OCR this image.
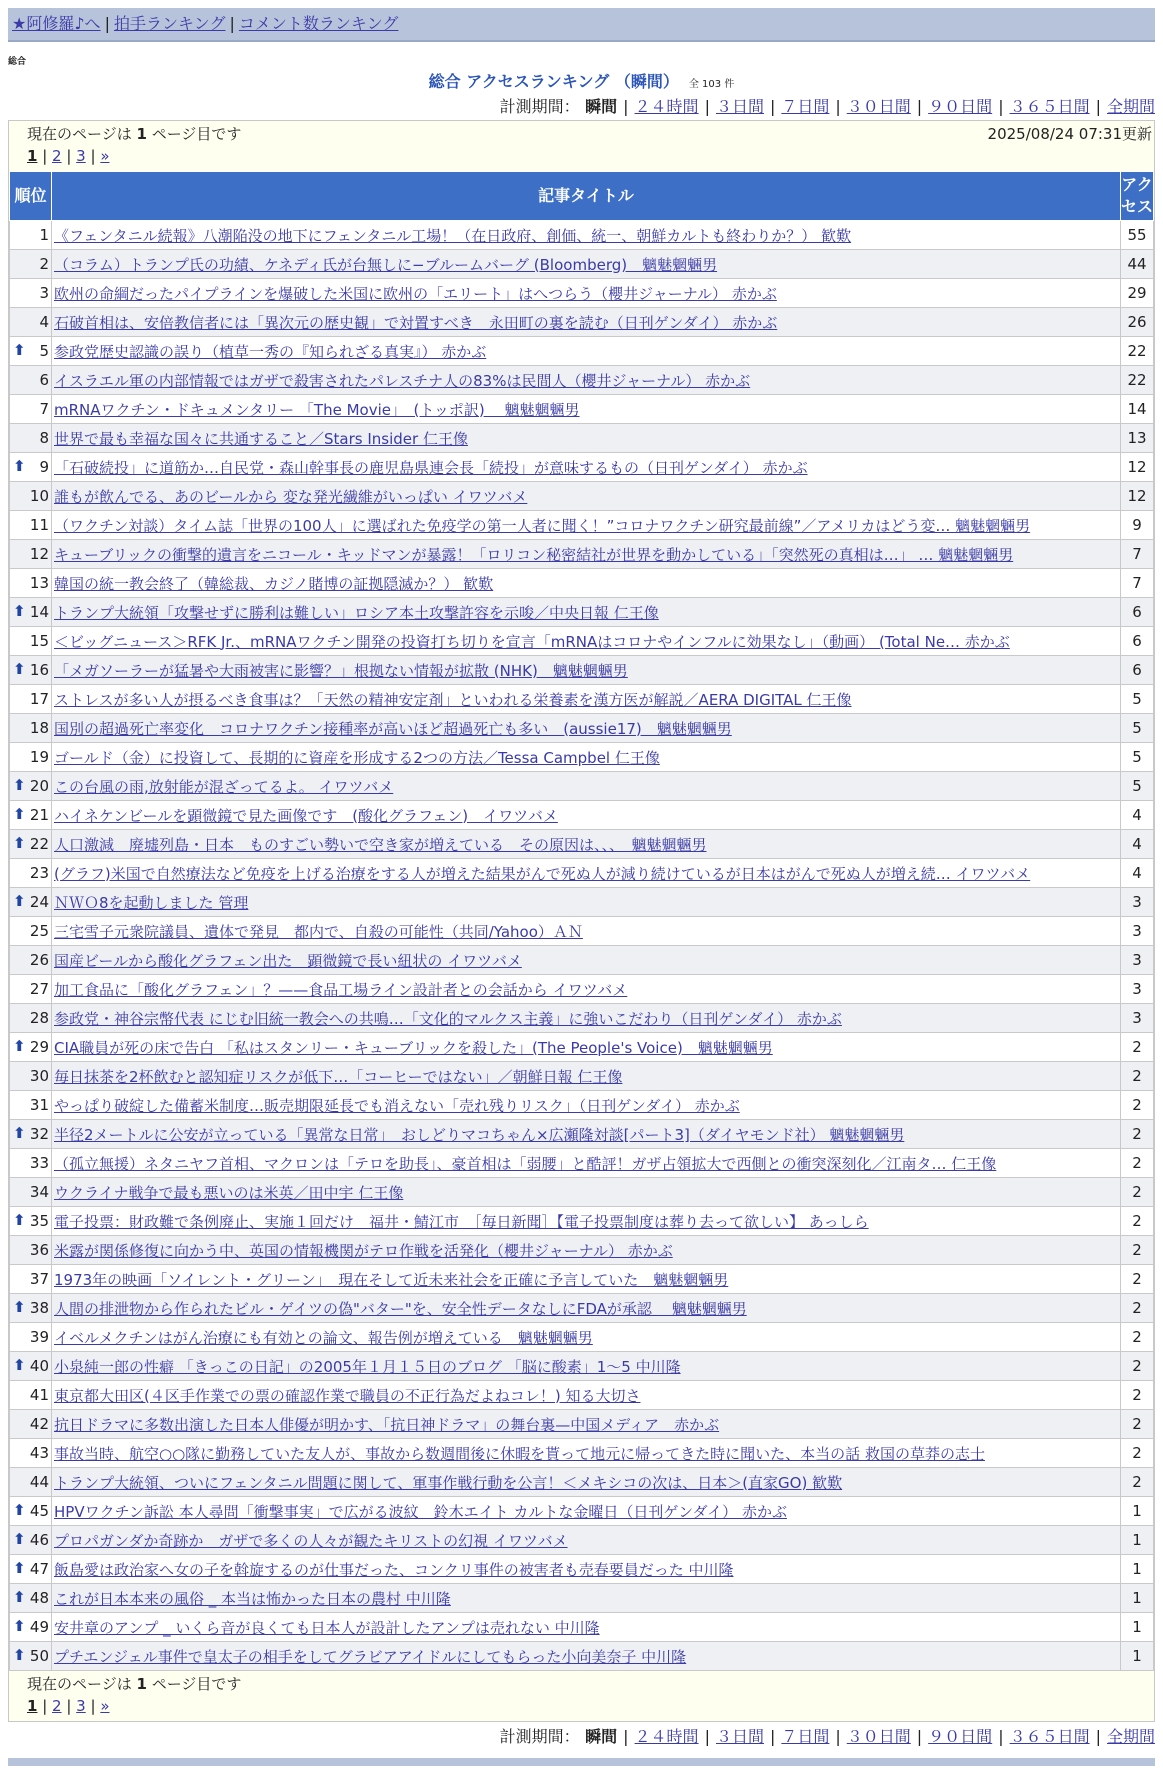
★阿修羅♪へ | 拍手ランキング | コメント数ランキング
総合
総合 アクセスランキング （瞬間） 全 103 件
計測期間： 瞬間 | ２４時間 | ３日間 | ７日間 | ３０日間 | ９０日間 | ３６５日間 | 全期間
現在のページは 1 ページ目です	2025/08/24 07:31更新
1 | 2 | 3 | »
順位	記事タイトル	アクセス
1	《フェンタニル続報》八潮陥没の地下にフェンタニル工場！（在日政府、創価、統一、朝鮮カルトも終わりか？） 歓歎	55
2	（コラム）トランプ氏の功績、ケネディ氏が台無しに−ブルームバーグ (Bloomberg)　魑魅魍魎男	44
3	欧州の命綱だったパイプラインを爆破した米国に欧州の「エリート」はへつらう（櫻井ジャーナル） 赤かぶ	29
4	石破首相は、安倍教信者には「異次元の歴史観」で対置すべき　永田町の裏を読む（日刊ゲンダイ） 赤かぶ	26

⬆ 5	参政党歴史認識の誤り（植草一秀の『知られざる真実』） 赤かぶ	22
6	イスラエル軍の内部情報ではガザで殺害されたパレスチナ人の83%は民間人（櫻井ジャーナル） 赤かぶ	22
7	mRNAワクチン・ドキュメンタリー 「The Movie」　(トッポ訳)　 魑魅魍魎男	14
8	世界で最も幸福な国々に共通すること／Stars Insider 仁王像	13

⬆ 9	「石破続投」に道筋か…自民党・森山幹事長の鹿児島県連会長「続投」が意味するもの（日刊ゲンダイ） 赤かぶ	12
10	誰もが飲んでる、あのビールから 変な発光繊維がいっぱい イワツバメ	12
11	（ワクチン対談）タイム誌「世界の100人」に選ばれた免疫学の第一人者に聞く！”コロナワクチン研究最前線”／アメリカはどう変… 魑魅魍魎男	9
12	キューブリックの衝撃的遺言をニコール・キッドマンが暴露！「ロリコン秘密結社が世界を動かしている」「突然死の真相は…」 … 魑魅魍魎男	7
13	韓国の統一教会終了（韓総裁、カジノ賭博の証拠隠滅か？） 歓歎	7

⬆ 14	トランプ大統領「攻撃せずに勝利は難しい」ロシア本土攻撃許容を示唆／中央日報 仁王像	6
15	＜ビッグニュース＞RFK Jr.、mRNAワクチン開発の投資打ち切りを宣言「mRNAはコロナやインフルに効果なし」（動画） (Total Ne… 赤かぶ	6

⬆ 16	「メガソーラーが猛暑や大雨被害に影響？」根拠ない情報が拡散 (NHK)　魑魅魍魎男	6
17	ストレスが多い人が摂るべき食事は？「天然の精神安定剤」といわれる栄養素を漢方医が解説／AERA DIGITAL 仁王像	5
18	国別の超過死亡率変化　コロナワクチン接種率が高いほど超過死亡も多い　(aussie17)　魑魅魍魎男	5
19	ゴールド（金）に投資して、長期的に資産を形成する2つの方法／Tessa Campbel 仁王像	5

⬆ 20	この台風の雨,放射能が混ざってるよ。 イワツバメ	5

⬆ 21	ハイネケンビールを顕微鏡で見た画像です　(酸化グラフェン)　イワツバメ	4

⬆ 22	人口激減　廃墟列島・日本　ものすごい勢いで空き家が増えている　その原因は、、、　魑魅魍魎男	4
23	(グラフ)米国で自然療法など免疫を上げる治療をする人が増えた結果がんで死ぬ人が減り続けているが日本はがんで死ぬ人が増え続… イワツバメ	4

⬆ 24	ＮＷＯ8を起動しました 管理	3
25	三宅雪子元衆院議員、遺体で発見　都内で、自殺の可能性（共同/Yahoo）ＡＮ	3
26	国産ビールから酸化グラフェン出た　顕微鏡で長い紐状の イワツバメ	3
27	加工食品に「酸化グラフェン」？——食品工場ライン設計者との会話から イワツバメ	3
28	参政党・神谷宗幣代表 にじむ旧統一教会への共鳴…「文化的マルクス主義」に強いこだわり（日刊ゲンダイ） 赤かぶ	3

⬆ 29	CIA職員が死の床で告白 「私はスタンリー・キューブリックを殺した」(The People's Voice)　魑魅魍魎男	2
30	毎日抹茶を2杯飲むと認知症リスクが低下…「コーヒーではない」／朝鮮日報 仁王像	2
31	やっぱり破綻した備蓄米制度…販売期限延長でも消えない「売れ残りリスク」（日刊ゲンダイ） 赤かぶ	2

⬆ 32	半径2メートルに公安が立っている「異常な日常」　おしどりマコちゃん×広瀬隆対談[パート3]（ダイヤモンド社） 魑魅魍魎男	2
33	（孤立無援）ネタニヤフ首相、マクロンは「テロを助長」、豪首相は「弱腰」と酷評！ガザ占領拡大で西側との衝突深刻化／江南タ… 仁王像	2
34	ウクライナ戦争で最も悪いのは米英／田中宇 仁王像	2

⬆ 35	電子投票：財政難で条例廃止、実施１回だけ　福井・鯖江市　［毎日新聞］【電子投票制度は葬り去って欲しい】 あっしら	2
36	米露が関係修復に向かう中、英国の情報機関がテロ作戦を活発化（櫻井ジャーナル） 赤かぶ	2
37	1973年の映画「ソイレント・グリーン」　現在そして近未来社会を正確に予言していた　魑魅魍魎男	2

⬆ 38	人間の排泄物から作られたビル・ゲイツの偽"バター"を、安全性データなしにFDAが承認　 魑魅魍魎男	2
39	イベルメクチンはがん治療にも有効との論文、報告例が増えている　魑魅魍魎男	2

⬆ 40	小泉純一郎の性癖 「きっこの日記」の2005年１月１５日のブログ 「脳に酸素」1～5 中川隆	2
41	東京都大田区(４区手作業での票の確認作業で職員の不正行為だよねコレ！) 知る大切さ	2
42	抗日ドラマに多数出演した日本人俳優が明かす、「抗日神ドラマ」の舞台裏—中国メディア　赤かぶ	2
43	事故当時、航空○○隊に勤務していた友人が、事故から数週間後に休暇を貰って地元に帰ってきた時に聞いた、本当の話 救国の草莽の志士	2
44	トランプ大統領、ついにフェンタニル問題に関して、軍事作戦行動を公言！＜メキシコの次は、日本＞(直家GO) 歓歎	2

⬆ 45	HPVワクチン訴訟 本人尋問「衝撃事実」で広がる波紋　鈴木エイト カルトな金曜日（日刊ゲンダイ） 赤かぶ	1

⬆ 46	プロパガンダか奇跡か　ガザで多くの人々が観たキリストの幻視 イワツバメ	1

⬆ 47	飯島愛は政治家へ女の子を斡旋するのが仕事だった、コンクリ事件の被害者も売春要員だった 中川隆	1

⬆ 48	これが日本本来の風俗 _ 本当は怖かった日本の農村 中川隆	1

⬆ 49	安井章のアンプ _ いくら音が良くても日本人が設計したアンプは売れない 中川隆	1

⬆ 50	プチエンジェル事件で皇太子の相手をしてグラビアアイドルにしてもらった小向美奈子 中川隆	1
現在のページは 1 ページ目です
1 | 2 | 3 | »
計測期間： 瞬間 | ２４時間 | ３日間 | ７日間 | ３０日間 | ９０日間 | ３６５日間 | 全期間
